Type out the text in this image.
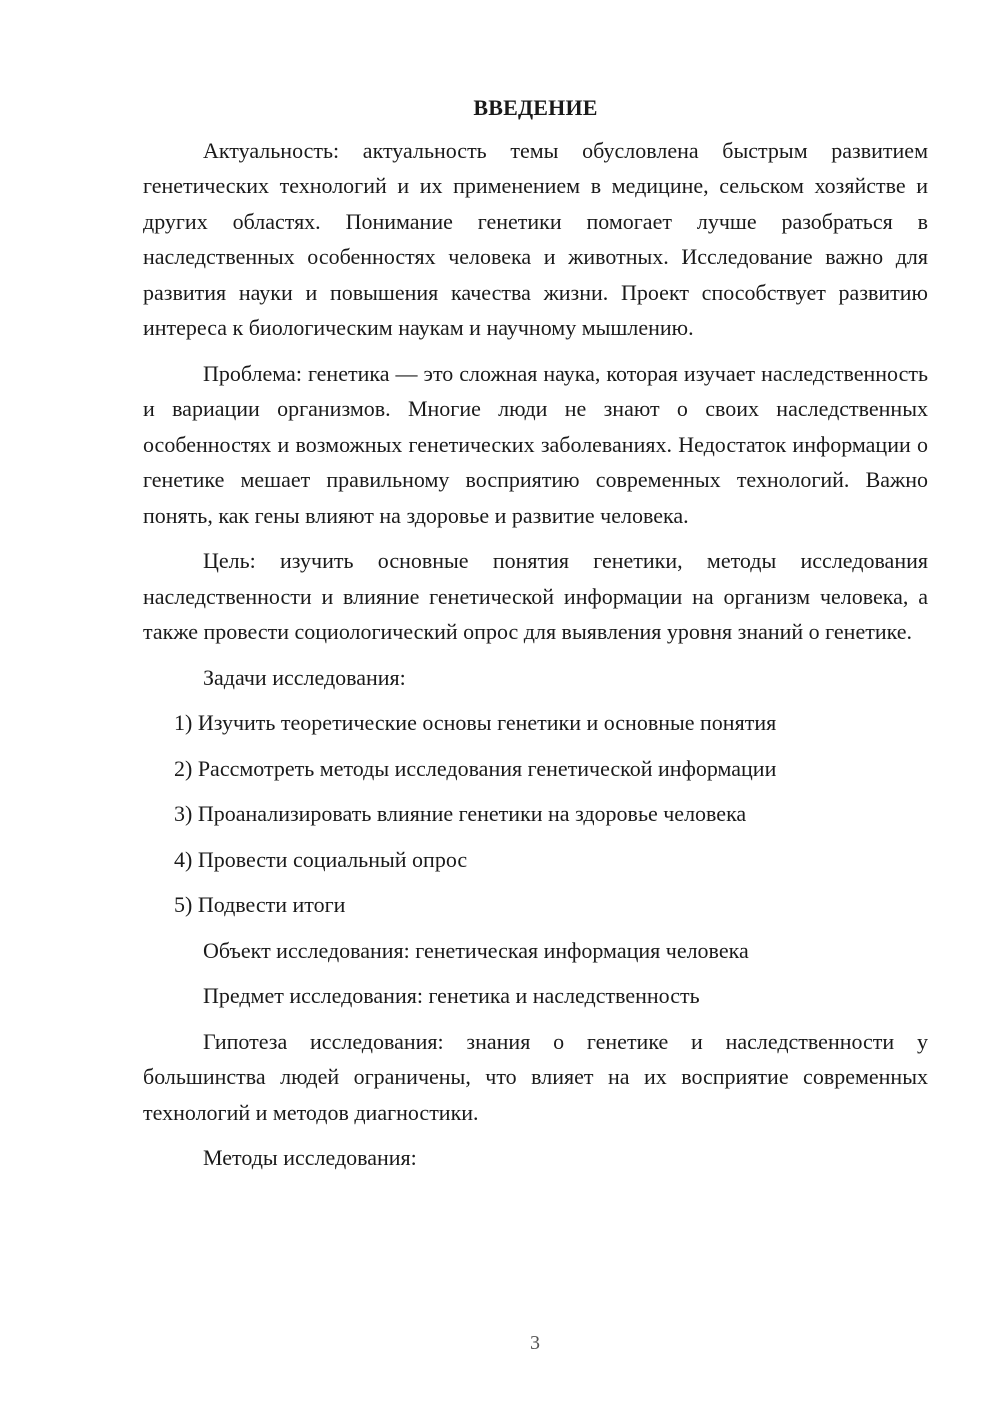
ВВЕДЕНИЕ

Актуальность: актуальность темы обусловлена быстрым развитием генетических технологий и их применением в медицине, сельском хозяйстве и других областях. Понимание генетики помогает лучше разобраться в наследственных особенностях человека и животных. Исследование важно для развития науки и повышения качества жизни. Проект способствует развитию интереса к биологическим наукам и научному мышлению.

Проблема: генетика — это сложная наука, которая изучает наследственность и вариации организмов. Многие люди не знают о своих наследственных особенностях и возможных генетических заболеваниях. Недостаток информации о генетике мешает правильному восприятию современных технологий. Важно понять, как гены влияют на здоровье и развитие человека.

Цель: изучить основные понятия генетики, методы исследования наследственности и влияние генетической информации на организм человека, а также провести социологический опрос для выявления уровня знаний о генетике.

Задачи исследования:

1) Изучить теоретические основы генетики и основные понятия
2) Рассмотреть методы исследования генетической информации
3) Проанализировать влияние генетики на здоровье человека
4) Провести социальный опрос
5) Подвести итоги

Объект исследования: генетическая информация человека

Предмет исследования: генетика и наследственность

Гипотеза исследования: знания о генетике и наследственности у большинства людей ограничены, что влияет на их восприятие современных технологий и методов диагностики.

Методы исследования:

3
